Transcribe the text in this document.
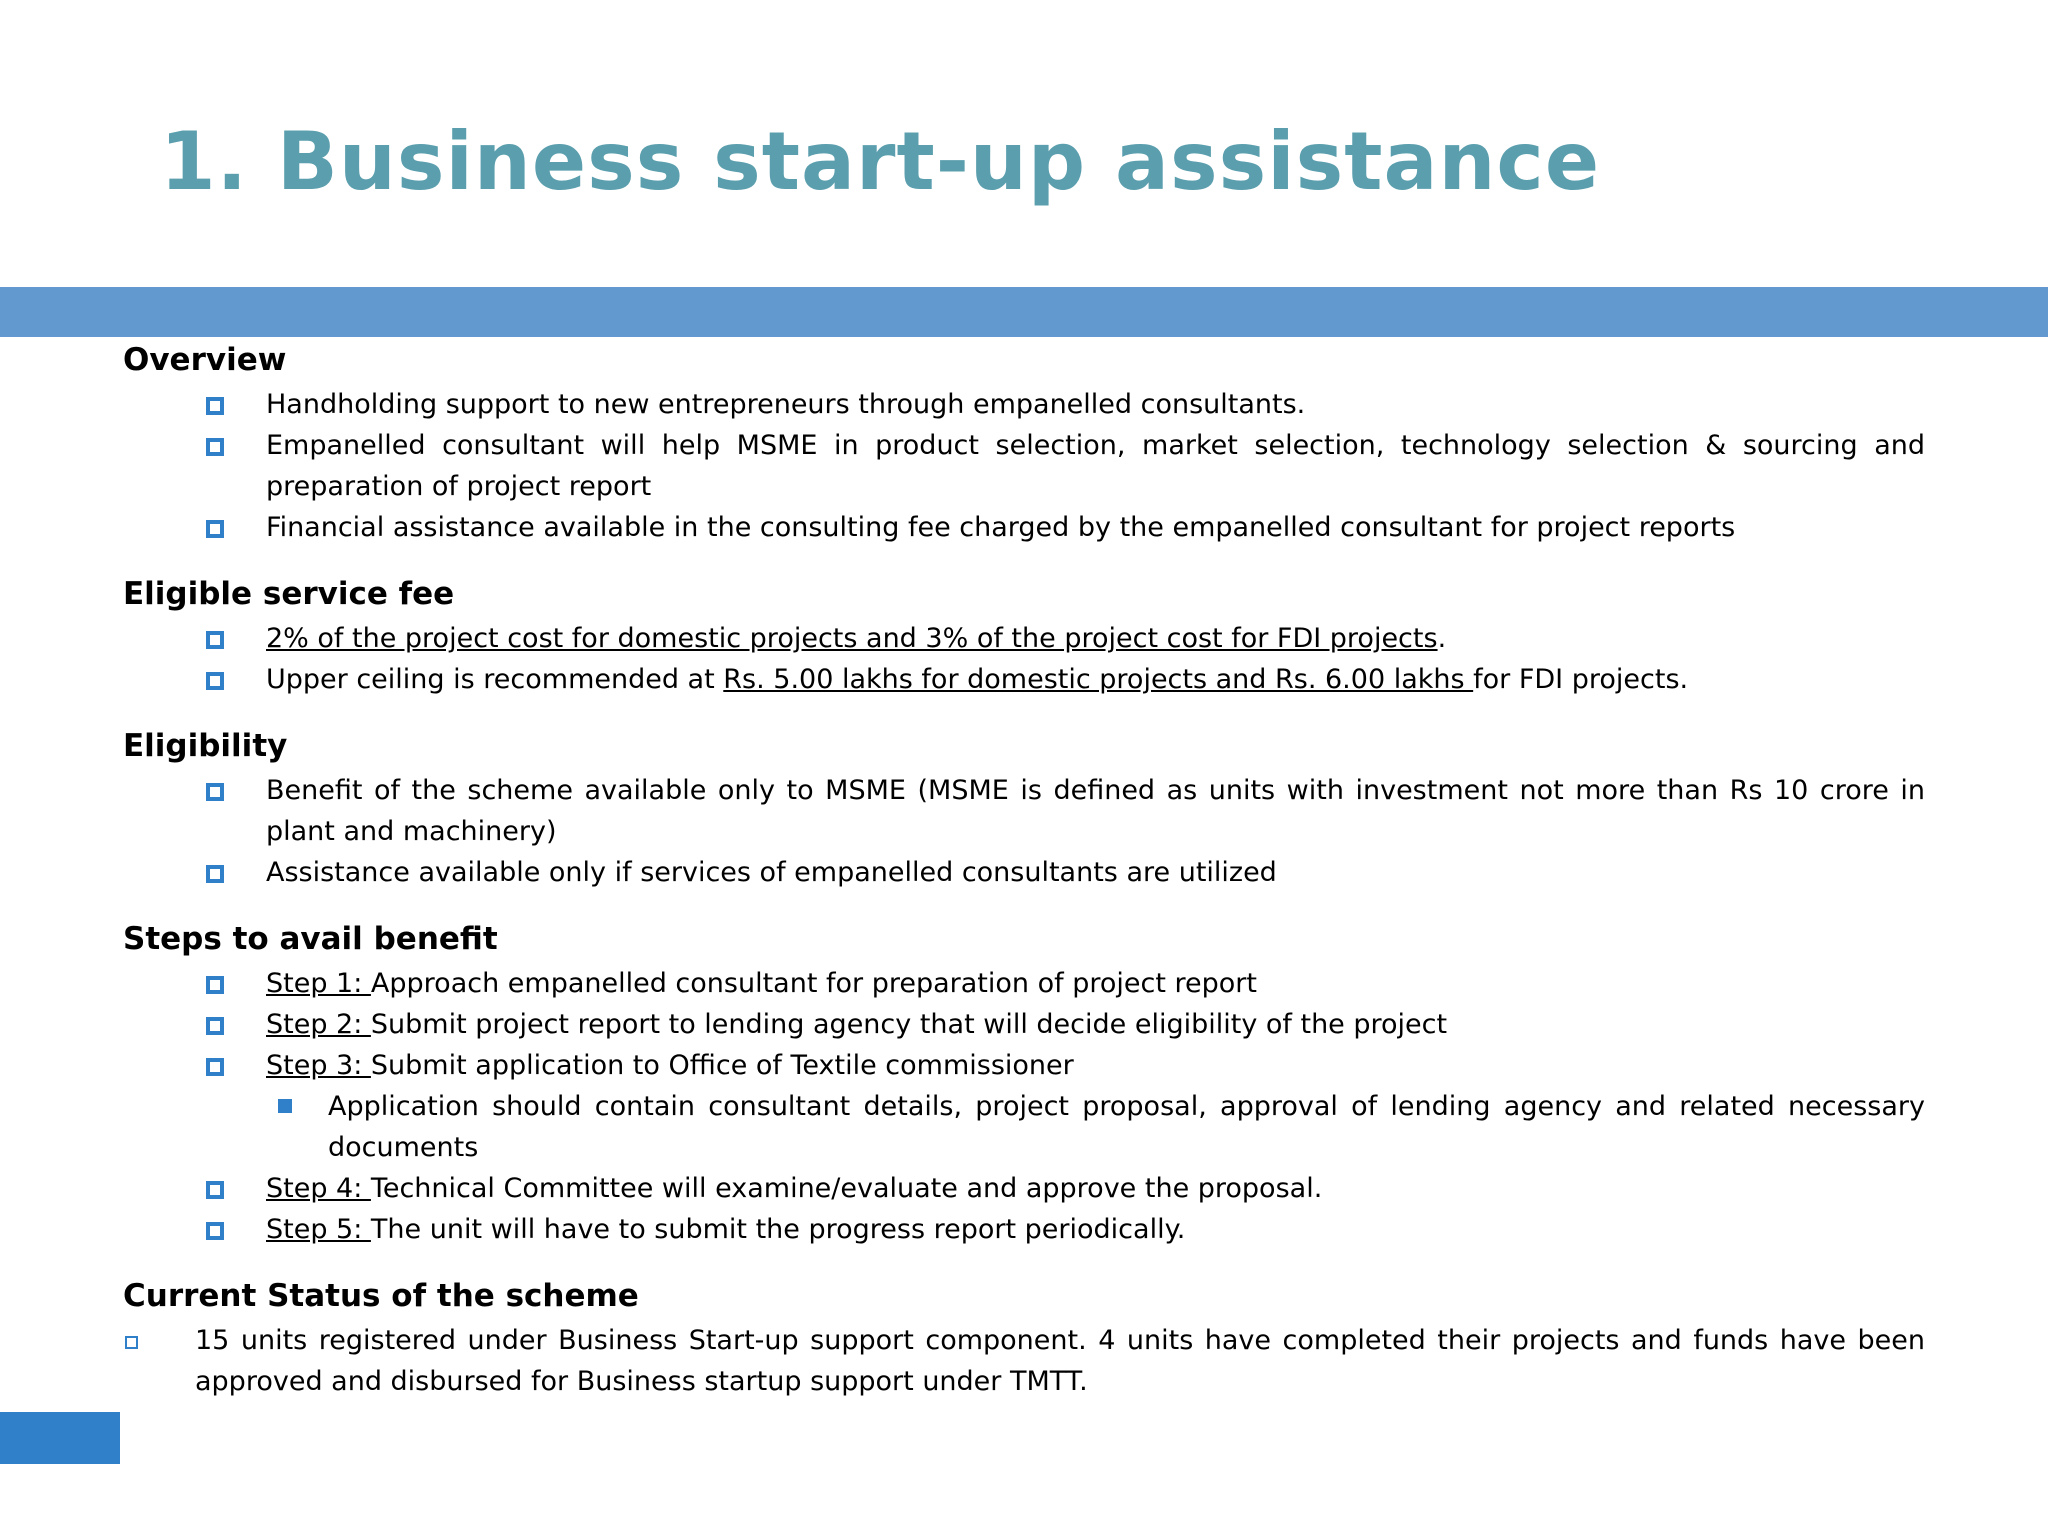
1. Business start-up assistance
Overview
Handholding support to new entrepreneurs through empanelled consultants.
Empanelled consultant will help MSME in product selection, market selection, technology selection & sourcing and preparation of project report
Financial assistance available in the consulting fee charged by the empanelled consultant for project reports
Eligible service fee
2% of the project cost for domestic projects and 3% of the project cost for FDI projects.
Upper ceiling is recommended at Rs. 5.00 lakhs for domestic projects and Rs. 6.00 lakhs for FDI projects.
Eligibility
Benefit of the scheme available only to MSME (MSME is defined as units with investment not more than Rs 10 crore in plant and machinery)
Assistance available only if services of empanelled consultants are utilized
Steps to avail benefit
Step 1: Approach empanelled consultant for preparation of project report
Step 2: Submit project report to lending agency that will decide eligibility of the project
Step 3: Submit application to Office of Textile commissioner
Application should contain consultant details, project proposal, approval of lending agency and related necessary documents
Step 4: Technical Committee will examine/evaluate and approve the proposal.
Step 5: The unit will have to submit the progress report periodically.
Current Status of the scheme
15 units registered under Business Start-up support component. 4 units have completed their projects and funds have been approved and disbursed for Business startup support under TMTT.
